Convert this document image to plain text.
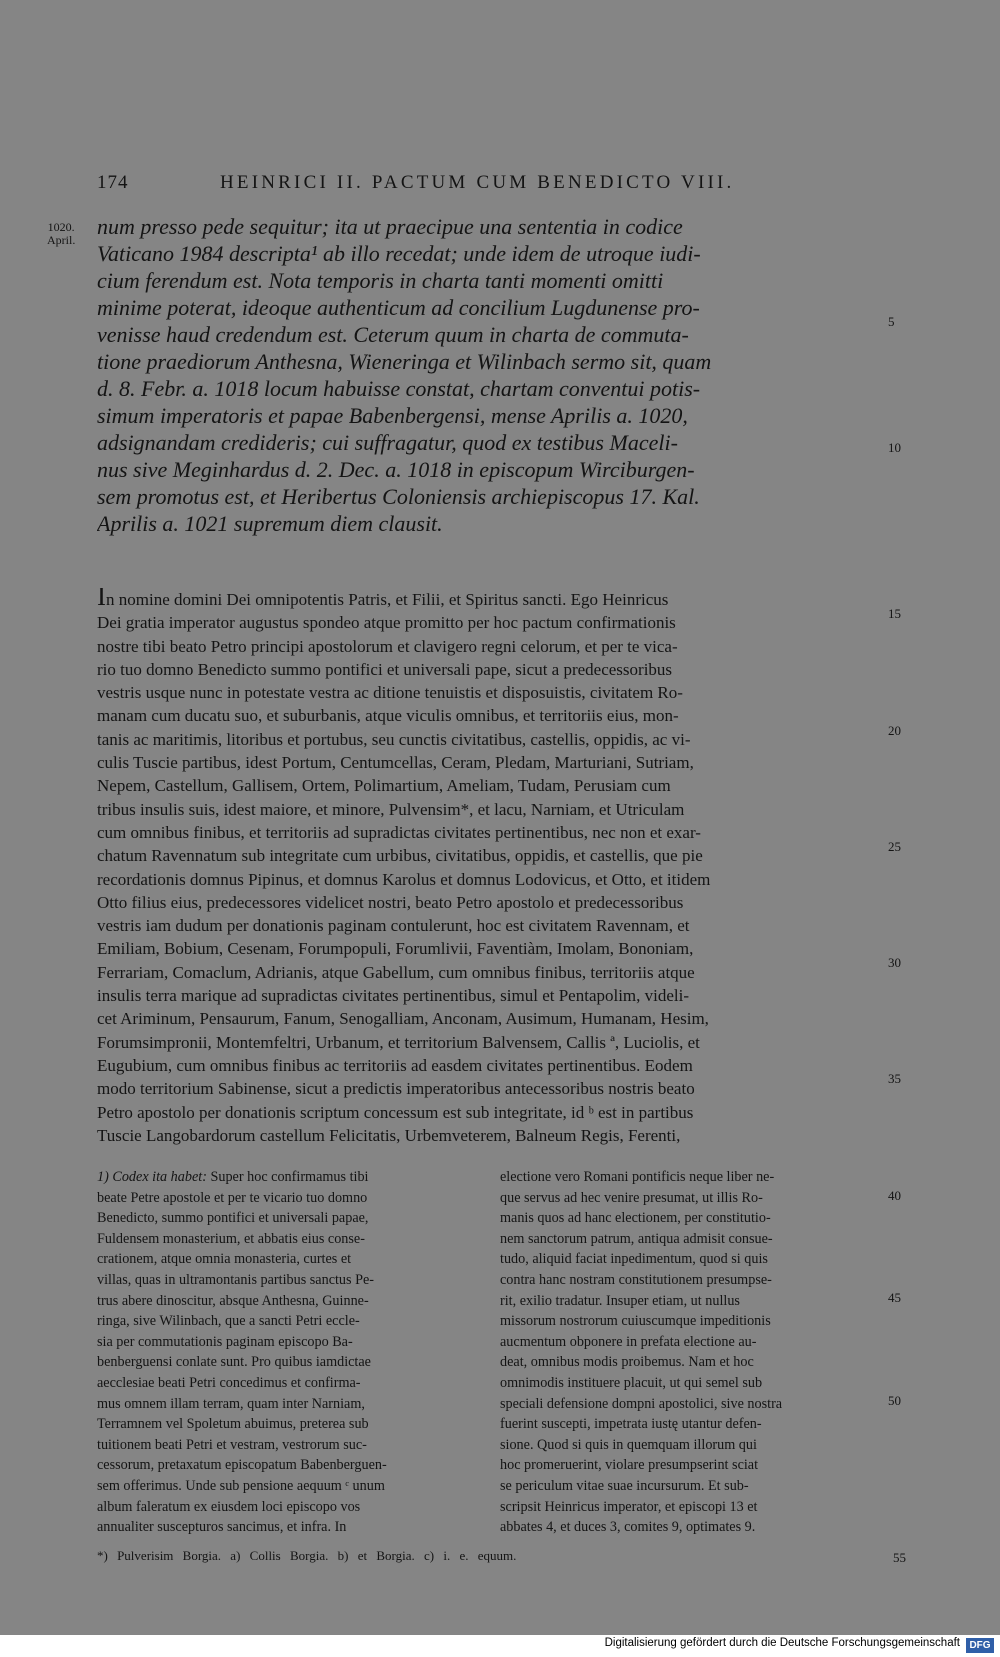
174	HEINRICI II. PACTUM CUM BENEDICTO VIII.
1020.
April.
num presso pede sequitur; ita ut praecipue una sententia in codice
Vaticano 1984 descripta¹ ab illo recedat; unde idem de utroque iudi-
cium ferendum est. Nota temporis in charta tanti momenti omitti
minime poterat, ideoque authenticum ad concilium Lugdunense pro-
venisse haud credendum est. Ceterum quum in charta de commuta-
tione praediorum Anthesna, Wieneringa et Wilinbach sermo sit, quam
d. 8. Febr. a. 1018 locum habuisse constat, chartam conventui potis-
simum imperatoris et papae Babenbergensi, mense Aprilis a. 1020,
adsignandam credideris; cui suffragatur, quod ex testibus Maceli-
nus sive Meginhardus d. 2. Dec. a. 1018 in episcopum Wirciburgen-
sem promotus est, et Heribertus Coloniensis archiepiscopus 17. Kal.
Aprilis a. 1021 supremum diem clausit.
In nomine domini Dei omnipotentis Patris, et Filii, et Spiritus sancti. Ego Heinricus
Dei gratia imperator augustus spondeo atque promitto per hoc pactum confirmationis
nostre tibi beato Petro principi apostolorum et clavigero regni celorum, et per te vica-
rio tuo domno Benedicto summo pontifici et universali pape, sicut a predecessoribus
vestris usque nunc in potestate vestra ac ditione tenuistis et disposuistis, civitatem Ro-
manam cum ducatu suo, et suburbanis, atque viculis omnibus, et territoriis eius, mon-
tanis ac maritimis, litoribus et portubus, seu cunctis civitatibus, castellis, oppidis, ac vi-
culis Tuscie partibus, idest Portum, Centumcellas, Ceram, Pledam, Marturiani, Sutriam,
Nepem, Castellum, Gallisem, Ortem, Polimartium, Ameliam, Tudam, Perusiam cum
tribus insulis suis, idest maiore, et minore, Pulvensim*, et lacu, Narniam, et Utriculam
cum omnibus finibus, et territoriis ad supradictas civitates pertinentibus, nec non et exar-
chatum Ravennatum sub integritate cum urbibus, civitatibus, oppidis, et castellis, que pie
recordationis domnus Pipinus, et domnus Karolus et domnus Lodovicus, et Otto, et itidem
Otto filius eius, predecessores videlicet nostri, beato Petro apostolo et predecessoribus
vestris iam dudum per donationis paginam contulerunt, hoc est civitatem Ravennam, et
Emiliam, Bobium, Cesenam, Forumpopuli, Forumlivii, Faventiàm, Imolam, Bononiam,
Ferrariam, Comaclum, Adrianis, atque Gabellum, cum omnibus finibus, territoriis atque
insulis terra marique ad supradictas civitates pertinentibus, simul et Pentapolim, videli-
cet Ariminum, Pensaurum, Fanum, Senogalliam, Anconam, Ausimum, Humanam, Hesim,
Forumsimpronii, Montemfeltri, Urbanum, et territorium Balvensem, Callis ª, Luciolis, et
Eugubium, cum omnibus finibus ac territoriis ad easdem civitates pertinentibus. Eodem
modo territorium Sabinense, sicut a predictis imperatoribus antecessoribus nostris beato
Petro apostolo per donationis scriptum concessum est sub integritate, id ᵇ est in partibus
Tuscie Langobardorum castellum Felicitatis, Urbemveterem, Balneum Regis, Ferenti,
1) Codex ita habet: Super hoc confirmamus tibi
beate Petre apostole et per te vicario tuo domno
Benedicto, summo pontifici et universali papae,
Fuldensem monasterium, et abbatis eius conse-
crationem, atque omnia monasteria, curtes et
villas, quas in ultramontanis partibus sanctus Pe-
trus abere dinoscitur, absque Anthesna, Guinne-
ringa, sive Wilinbach, que a sancti Petri eccle-
sia per commutationis paginam episcopo Ba-
benberguensi conlate sunt. Pro quibus iamdictae
aecclesiae beati Petri concedimus et confirma-
mus omnem illam terram, quam inter Narniam,
Terramnem vel Spoletum abuimus, preterea sub
tuitionem beati Petri et vestram, vestrorum suc-
cessorum, pretaxatum episcopatum Babenberguen-
sem offerimus. Unde sub pensione aequum ᶜ unum
album faleratum ex eiusdem loci episcopo vos
annualiter suscepturos sancimus, et infra. In
electione vero Romani pontificis neque liber ne-
que servus ad hec venire presumat, ut illis Ro-
manis quos ad hanc electionem, per constitutio-
nem sanctorum patrum, antiqua admisit consue-
tudo, aliquid faciat inpedimentum, quod si quis
contra hanc nostram constitutionem presumpse-
rit, exilio tradatur. Insuper etiam, ut nullus
missorum nostrorum cuiuscumque impeditionis
aucmentum obponere in prefata electione au-
deat, omnibus modis proibemus. Nam et hoc
omnimodis instituere placuit, ut qui semel sub
speciali defensione dompni apostolici, sive nostra
fuerint suscepti, impetrata iustę utantur defen-
sione. Quod si quis in quemquam illorum qui
hoc promeruerint, violare presumpserint sciat
se periculum vitae suae incursurum. Et sub-
scripsit Heinricus imperator, et episcopi 13 et
abbates 4, et duces 3, comites 9, optimates 9.
5
10
15
20
25
30
35
40
45
50
*) Pulverisim Borgia. a) Collis Borgia. b) et Borgia. c) i. e. equum.	55
Digitalisierung gefördert durch die Deutsche Forschungsgemeinschaft DFG
